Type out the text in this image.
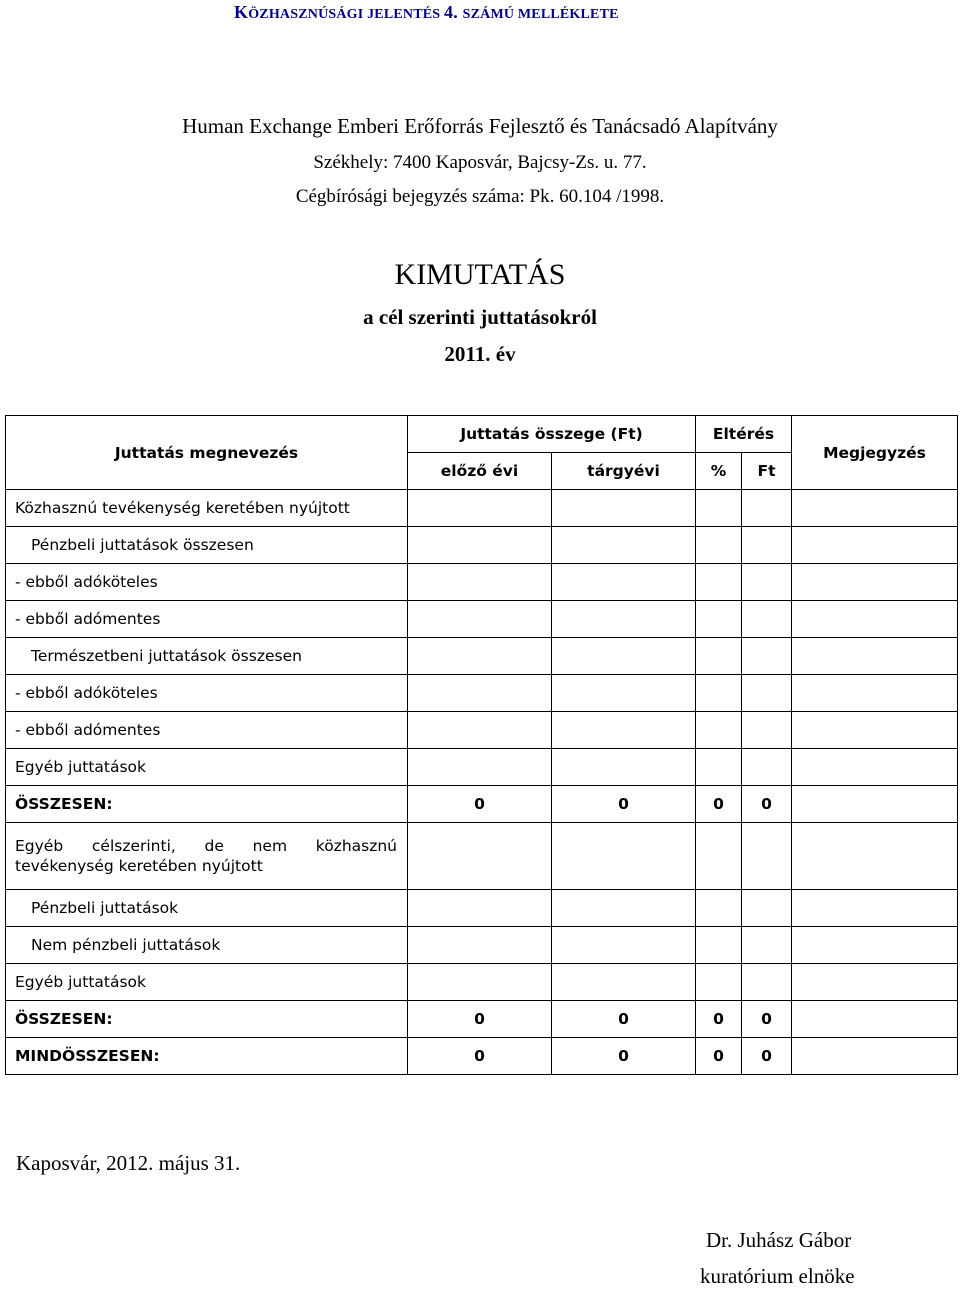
KÖZHASZNÚSÁGI JELENTÉS 4. SZÁMÚ MELLÉKLETE
Human Exchange Emberi Erőforrás Fejlesztő és Tanácsadó Alapítvány
Székhely: 7400 Kaposvár, Bajcsy-Zs. u. 77.
Cégbírósági bejegyzés száma: Pk. 60.104 /1998.
KIMUTATÁS
a cél szerinti juttatásokról
2011. év
Juttatás megnevezés	Juttatás összege (Ft)		Eltérés		Megjegyzés
	előző évi	tárgyévi	%	Ft	
Közhasznú tevékenység keretében nyújtott					
Pénzbeli juttatások összesen					
- ebből adóköteles					
- ebből adómentes					
Természetbeni juttatások összesen					
- ebből adóköteles					
- ebből adómentes					
Egyéb juttatások					
ÖSSZESEN:	0	0	0	0	
Egyéb célszerinti, de nem közhasznú tevékenység keretében nyújtott					
Pénzbeli juttatások					
Nem pénzbeli juttatások					
Egyéb juttatások					
ÖSSZESEN:	0	0	0	0	
MINDÖSSZESEN:	0	0	0	0	
Kaposvár, 2012. május 31.
Dr. Juhász Gábor
kuratórium elnöke
